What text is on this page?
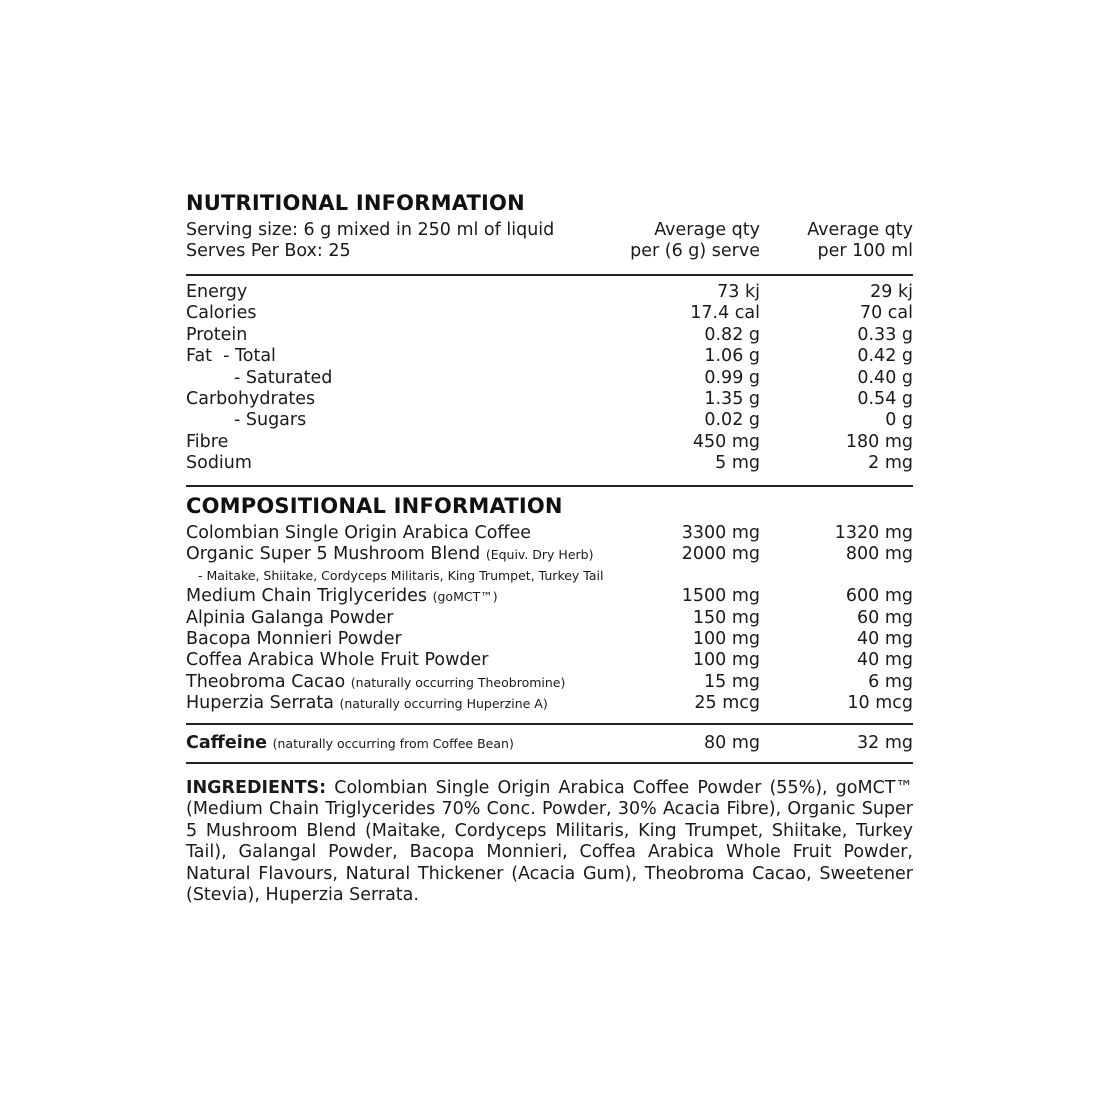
NUTRITIONAL INFORMATION
Serving size: 6 g mixed in 250 ml of liquid
Serves Per Box: 25
Average qty
per (6 g) serve
Average qty
per 100 ml
Energy	73 kj	29 kj
Calories	17.4 cal	70 cal
Protein	0.82 g	0.33 g
Fat  - Total	1.06 g	0.42 g
- Saturated	0.99 g	0.40 g
Carbohydrates	1.35 g	0.54 g
- Sugars	0.02 g	0 g
Fibre	450 mg	180 mg
Sodium	5 mg	2 mg
COMPOSITIONAL INFORMATION
Colombian Single Origin Arabica Coffee	3300 mg	1320 mg
Organic Super 5 Mushroom Blend (Equiv. Dry Herb)	2000 mg	800 mg
- Maitake, Shiitake, Cordyceps Militaris, King Trumpet, Turkey Tail
Medium Chain Triglycerides (goMCT™)	1500 mg	600 mg
Alpinia Galanga Powder	150 mg	60 mg
Bacopa Monnieri Powder	100 mg	40 mg
Coffea Arabica Whole Fruit Powder	100 mg	40 mg
Theobroma Cacao (naturally occurring Theobromine)	15 mg	6 mg
Huperzia Serrata (naturally occurring Huperzine A)	25 mcg	10 mcg
Caffeine (naturally occurring from Coffee Bean)	80 mg	32 mg
INGREDIENTS: Colombian Single Origin Arabica Coffee Powder (55%), goMCT™ (Medium Chain Triglycerides 70% Conc. Powder, 30% Acacia Fibre), Organic Super 5 Mushroom Blend (Maitake, Cordyceps Militaris, King Trumpet, Shiitake, Turkey Tail), Galangal Powder, Bacopa Monnieri, Coffea Arabica Whole Fruit Powder, Natural Flavours, Natural Thickener (Acacia Gum), Theobroma Cacao, Sweetener (Stevia), Huperzia Serrata.
